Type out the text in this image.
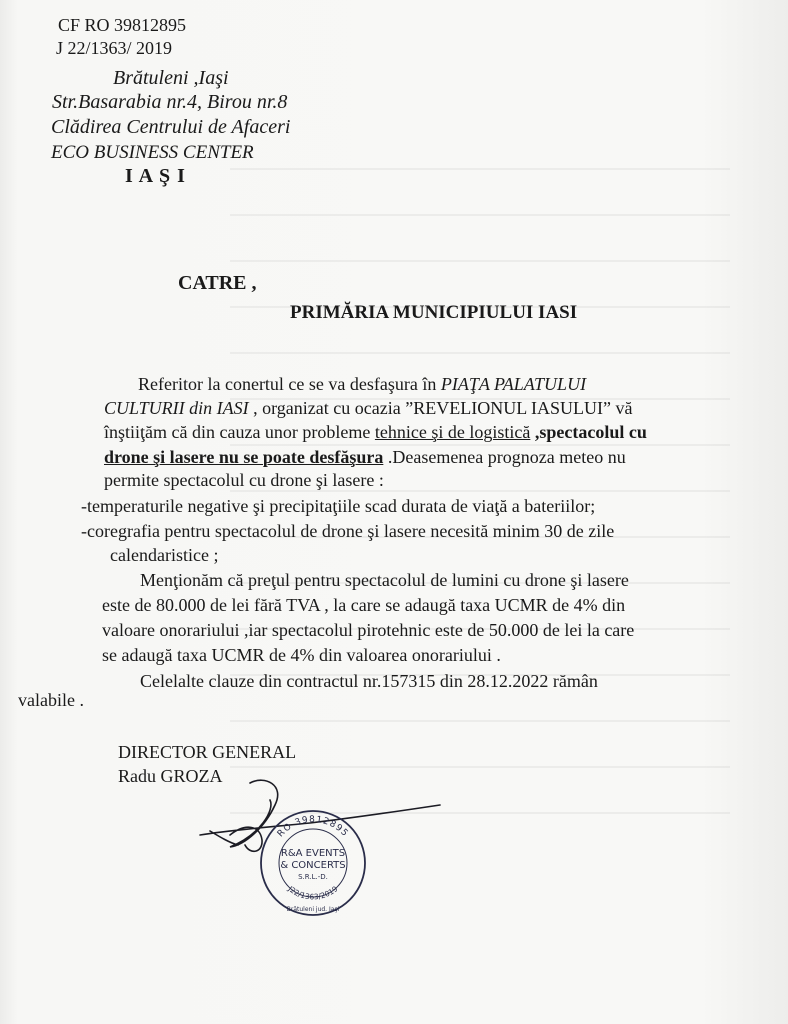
CF RO 39812895
J 22/1363/ 2019
Brătuleni ,Iaşi
Str.Basarabia nr.4, Birou nr.8
Clădirea Centrului de Afaceri
ECO BUSINESS CENTER
I A Ş I
CATRE ,
PRIMĂRIA MUNICIPIULUI IASI
Referitor la conertul ce se va desfaşura în PIAŢA PALATULUI
CULTURII din IASI , organizat cu ocazia ”REVELIONUL IASULUI” vă
înştiiţăm că din cauza unor probleme tehnice şi de logistică ,spectacolul cu
drone şi lasere nu se poate desfăşura .Deasemenea prognoza meteo nu
permite spectacolul cu drone şi lasere :
-temperaturile negative şi precipitaţiile scad durata de viaţă a bateriilor;
-coregrafia pentru spectacolul de drone şi lasere necesită minim 30 de zile
calendaristice ;
Menţionăm că preţul pentru spectacolul de lumini cu drone şi lasere
este de 80.000 de lei fără TVA , la care se adaugă taxa UCMR de 4% din
valoare onorariului ,iar spectacolul pirotehnic este de 50.000 de lei la care
se adaugă taxa UCMR de 4% din valoarea onorariului .
Celelalte clauze din contractul nr.157315 din 28.12.2022 rămân
valabile .
DIRECTOR GENERAL
Radu GROZA
RO 39812895
R&A EVENTS
& CONCERTS
S.R.L.-D.
J22/1363/2019
Brătuleni jud. Iaşi
